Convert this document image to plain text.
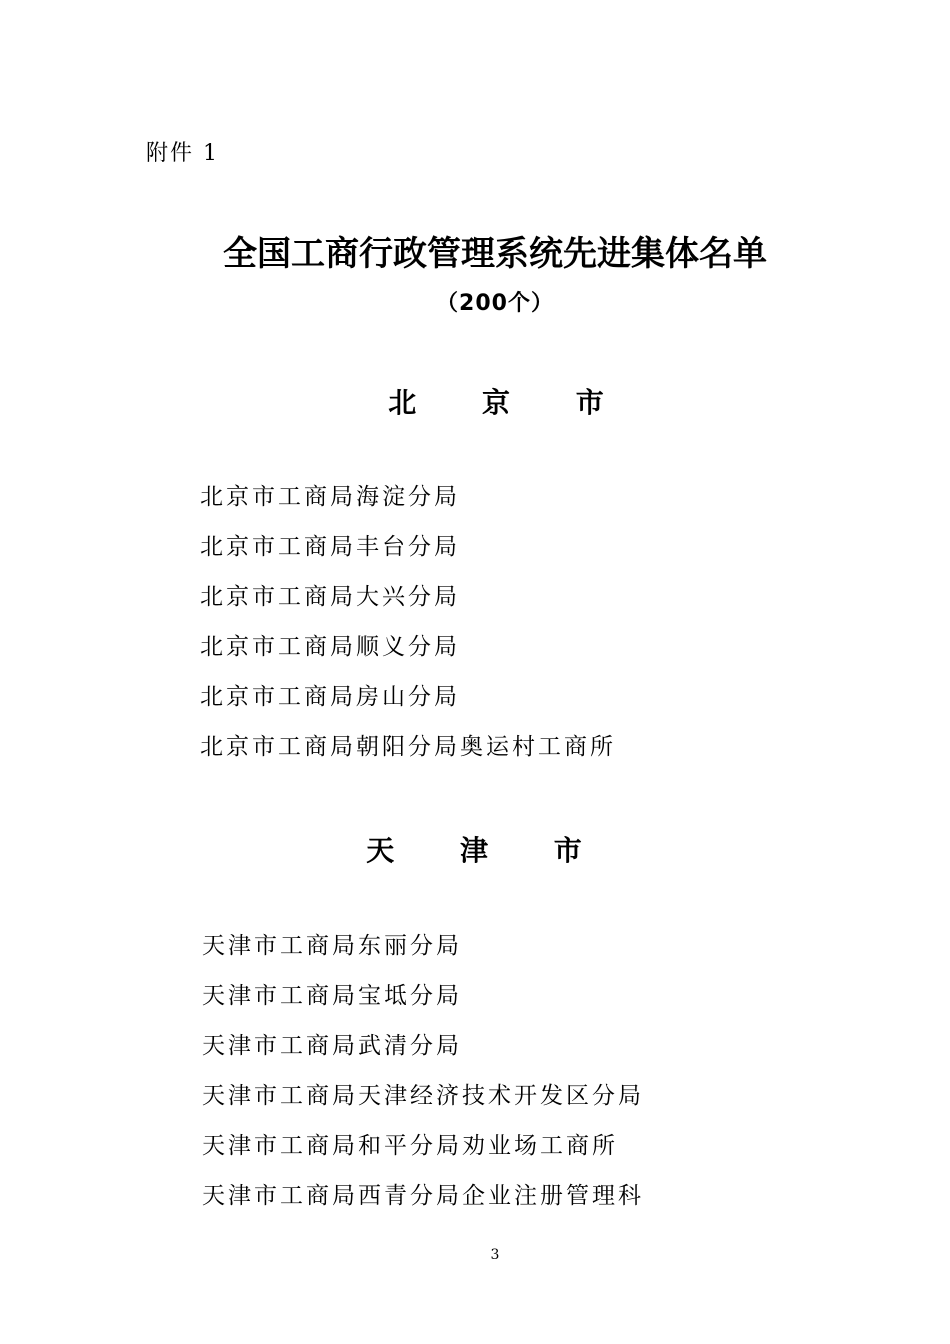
附件 1
全国工商行政管理系统先进集体名单
（200个）
北 京 市
北京市工商局海淀分局
北京市工商局丰台分局
北京市工商局大兴分局
北京市工商局顺义分局
北京市工商局房山分局
北京市工商局朝阳分局奥运村工商所
天 津 市
天津市工商局东丽分局
天津市工商局宝坻分局
天津市工商局武清分局
天津市工商局天津经济技术开发区分局
天津市工商局和平分局劝业场工商所
天津市工商局西青分局企业注册管理科
3
